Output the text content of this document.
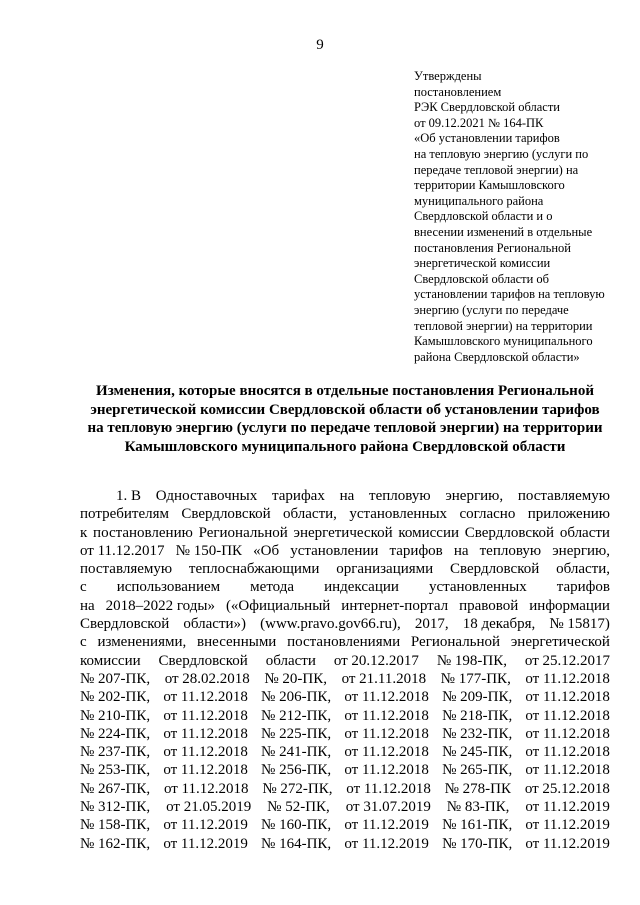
9
Утверждены
постановлением
РЭК Свердловской области
от 09.12.2021 № 164-ПК
«Об установлении тарифов
на тепловую энергию (услуги по
передаче тепловой энергии) на
территории Камышловского
муниципального района
Свердловской области и о
внесении изменений в отдельные
постановления Региональной
энергетической комиссии
Свердловской области об
установлении тарифов на тепловую
энергию (услуги по передаче
тепловой энергии) на территории
Камышловского муниципального
района Свердловской области»
Изменения, которые вносятся в отдельные постановления Региональной
энергетической комиссии Свердловской области об установлении тарифов
на тепловую энергию (услуги по передаче тепловой энергии) на территории
Камышловского муниципального района Свердловской области
1. В Одноставочных тарифах на тепловую энергию, поставляемую
потребителям Свердловской области, установленных согласно приложению
к постановлению Региональной энергетической комиссии Свердловской области
от 11.12.2017 № 150-ПК «Об установлении тарифов на тепловую энергию,
поставляемую теплоснабжающими организациями Свердловской области,
с использованием метода индексации установленных тарифов
на 2018–2022 годы» («Официальный интернет-портал правовой информации
Свердловской области») (www.pravo.gov66.ru), 2017, 18 декабря, № 15817)
с изменениями, внесенными постановлениями Региональной энергетической
комиссии Свердловской области от 20.12.2017 № 198-ПК, от 25.12.2017
№ 207-ПК, от 28.02.2018 № 20-ПК, от 21.11.2018 № 177-ПК, от 11.12.2018
№ 202-ПК, от 11.12.2018 № 206-ПК, от 11.12.2018 № 209-ПК, от 11.12.2018
№ 210-ПК, от 11.12.2018 № 212-ПК, от 11.12.2018 № 218-ПК, от 11.12.2018
№ 224-ПК, от 11.12.2018 № 225-ПК, от 11.12.2018 № 232-ПК, от 11.12.2018
№ 237-ПК, от 11.12.2018 № 241-ПК, от 11.12.2018 № 245-ПК, от 11.12.2018
№ 253-ПК, от 11.12.2018 № 256-ПК, от 11.12.2018 № 265-ПК, от 11.12.2018
№ 267-ПК, от 11.12.2018 № 272-ПК, от 11.12.2018 № 278-ПК от 25.12.2018
№ 312-ПК, от 21.05.2019 № 52-ПК, от 31.07.2019 № 83-ПК, от 11.12.2019
№ 158-ПК, от 11.12.2019 № 160-ПК, от 11.12.2019 № 161-ПК, от 11.12.2019
№ 162-ПК, от 11.12.2019 № 164-ПК, от 11.12.2019 № 170-ПК, от 11.12.2019
